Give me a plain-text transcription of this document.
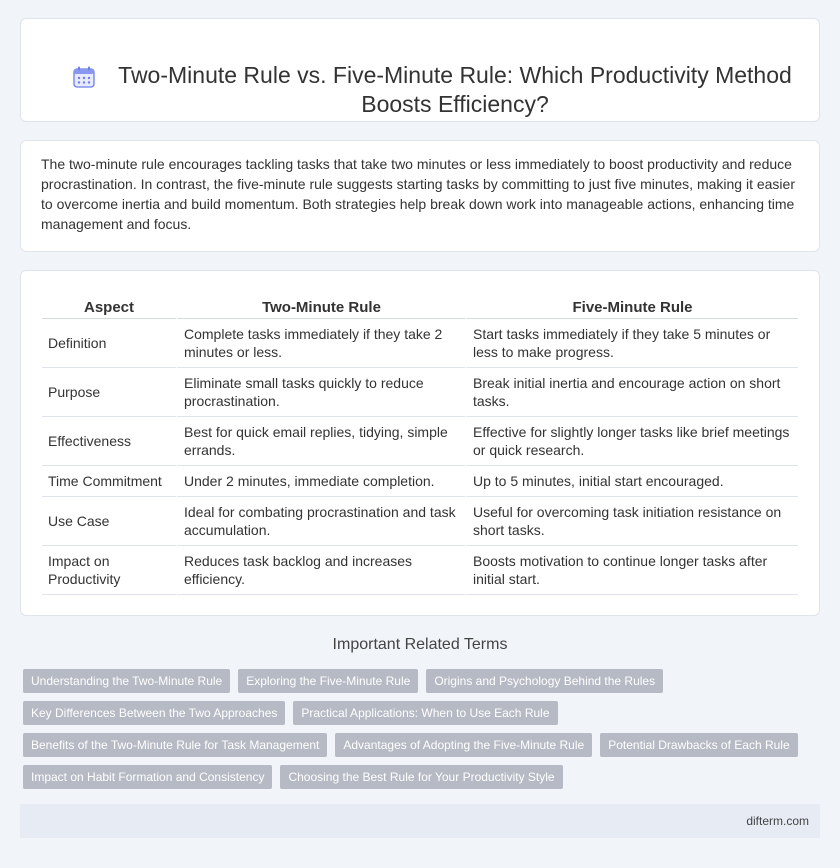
Two-Minute Rule vs. Five-Minute Rule: Which Productivity Method Boosts Efficiency?

The two-minute rule encourages tackling tasks that take two minutes or less immediately to boost productivity and reduce procrastination. In contrast, the five-minute rule suggests starting tasks by committing to just five minutes, making it easier to overcome inertia and build momentum. Both strategies help break down work into manageable actions, enhancing time management and focus.

Aspect	Two-Minute Rule	Five-Minute Rule
Definition	Complete tasks immediately if they take 2 minutes or less.	Start tasks immediately if they take 5 minutes or less to make progress.
Purpose	Eliminate small tasks quickly to reduce procrastination.	Break initial inertia and encourage action on short tasks.
Effectiveness	Best for quick email replies, tidying, simple errands.	Effective for slightly longer tasks like brief meetings or quick research.
Time Commitment	Under 2 minutes, immediate completion.	Up to 5 minutes, initial start encouraged.
Use Case	Ideal for combating procrastination and task accumulation.	Useful for overcoming task initiation resistance on short tasks.
Impact on Productivity	Reduces task backlog and increases efficiency.	Boosts motivation to continue longer tasks after initial start.
Important Related Terms
Understanding the Two-Minute Rule	Exploring the Five-Minute Rule	Origins and Psychology Behind the Rules
Key Differences Between the Two Approaches	Practical Applications: When to Use Each Rule
Benefits of the Two-Minute Rule for Task Management	Advantages of Adopting the Five-Minute Rule	Potential Drawbacks of Each Rule
Impact on Habit Formation and Consistency	Choosing the Best Rule for Your Productivity Style
difterm.com
